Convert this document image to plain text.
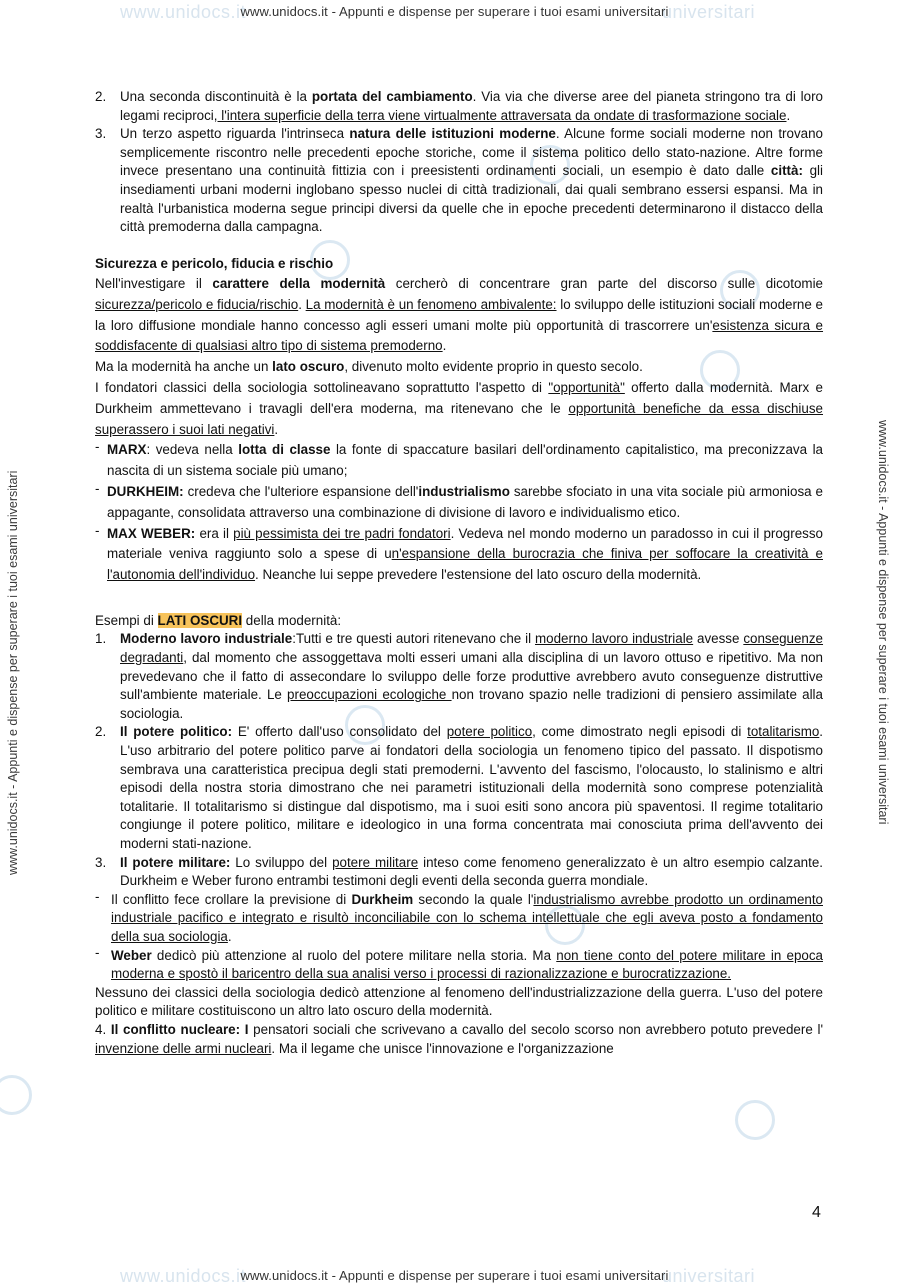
www.unidocs.it	universitari
www.unidocs.it - Appunti e dispense per superare i tuoi esami universitari
www.unidocs.it	universitari
www.unidocs.it - Appunti e dispense per superare i tuoi esami universitari
www.unidocs.it - Appunti e dispense per superare i tuoi esami universitari	www.unidocs.it - Appunti e dispense per superare i tuoi esami universitari
2. Una seconda discontinuità è la portata del cambiamento. Via via che diverse aree del pianeta stringono tra di loro legami reciproci, l'intera superficie della terra viene virtualmente attraversata da ondate di trasformazione sociale.
3. Un terzo aspetto riguarda l'intrinseca natura delle istituzioni moderne. Alcune forme sociali moderne non trovano semplicemente riscontro nelle precedenti epoche storiche, come il sistema politico dello stato-nazione. Altre forme invece presentano una continuità fittizia con i preesistenti ordinamenti sociali, un esempio è dato dalle città: gli insediamenti urbani moderni inglobano spesso nuclei di città tradizionali, dai quali sembrano essersi espansi. Ma in realtà l'urbanistica moderna segue principi diversi da quelle che in epoche precedenti determinarono il distacco della città premoderna dalla campagna.

Sicurezza e pericolo, fiducia e rischio

Nell'investigare il carattere della modernità cercherò di concentrare gran parte del discorso sulle dicotomie sicurezza/pericolo e fiducia/rischio. La modernità è un fenomeno ambivalente: lo sviluppo delle istituzioni sociali moderne e la loro diffusione mondiale hanno concesso agli esseri umani molte più opportunità di trascorrere un'esistenza sicura e soddisfacente di qualsiasi altro tipo di sistema premoderno.

Ma la modernità ha anche un lato oscuro, divenuto molto evidente proprio in questo secolo.

I fondatori classici della sociologia sottolineavano soprattutto l'aspetto di "opportunità" offerto dalla modernità. Marx e Durkheim ammettevano i travagli dell'era moderna, ma ritenevano che le opportunità benefiche da essa dischiuse superassero i suoi lati negativi.

- MARX: vedeva nella lotta di classe la fonte di spaccature basilari dell'ordinamento capitalistico, ma preconizzava la nascita di un sistema sociale più umano;
- DURKHEIM: credeva che l'ulteriore espansione dell'industrialismo sarebbe sfociato in una vita sociale più armoniosa e appagante, consolidata attraverso una combinazione di divisione di lavoro e individualismo etico.
- MAX WEBER: era il più pessimista dei tre padri fondatori. Vedeva nel mondo moderno un paradosso in cui il progresso materiale veniva raggiunto solo a spese di un'espansione della burocrazia che finiva per soffocare la creatività e l'autonomia dell'individuo. Neanche lui seppe prevedere l'estensione del lato oscuro della modernità.

Esempi di LATI OSCURI della modernità:

1. Moderno lavoro industriale:Tutti e tre questi autori ritenevano che il moderno lavoro industriale avesse conseguenze degradanti, dal momento che assoggettava molti esseri umani alla disciplina di un lavoro ottuso e ripetitivo. Ma non prevedevano che il fatto di assecondare lo sviluppo delle forze produttive avrebbero avuto conseguenze distruttive sull'ambiente materiale. Le preoccupazioni ecologiche non trovano spazio nelle tradizioni di pensiero assimilate alla sociologia.
2. Il potere politico: E' offerto dall'uso consolidato del potere politico, come dimostrato negli episodi di totalitarismo. L'uso arbitrario del potere politico parve ai fondatori della sociologia un fenomeno tipico del passato. Il dispotismo sembrava una caratteristica precipua degli stati premoderni. L'avvento del fascismo, l'olocausto, lo stalinismo e altri episodi della nostra storia dimostrano che nei parametri istituzionali della modernità sono comprese potenzialità totalitarie. Il totalitarismo si distingue dal dispotismo, ma i suoi esiti sono ancora più spaventosi. Il regime totalitario congiunge il potere politico, militare e ideologico in una forma concentrata mai conosciuta prima dell'avvento dei moderni stati-nazione.
3. Il potere militare: Lo sviluppo del potere militare inteso come fenomeno generalizzato è un altro esempio calzante. Durkheim e Weber furono entrambi testimoni degli eventi della seconda guerra mondiale.
- Il conflitto fece crollare la previsione di Durkheim secondo la quale l'industrialismo avrebbe prodotto un ordinamento industriale pacifico e integrato e risultò inconciliabile con lo schema intellettuale che egli aveva posto a fondamento della sua sociologia.
- Weber dedicò più attenzione al ruolo del potere militare nella storia. Ma non tiene conto del potere militare in epoca moderna e spostò il baricentro della sua analisi verso i processi di razionalizzazione e burocratizzazione.

Nessuno dei classici della sociologia dedicò attenzione al fenomeno dell'industrializzazione della guerra. L'uso del potere politico e militare costituiscono un altro lato oscuro della modernità.

4. Il conflitto nucleare: I pensatori sociali che scrivevano a cavallo del secolo scorso non avrebbero potuto prevedere l' invenzione delle armi nucleari. Ma il legame che unisce l'innovazione e l'organizzazione

4
